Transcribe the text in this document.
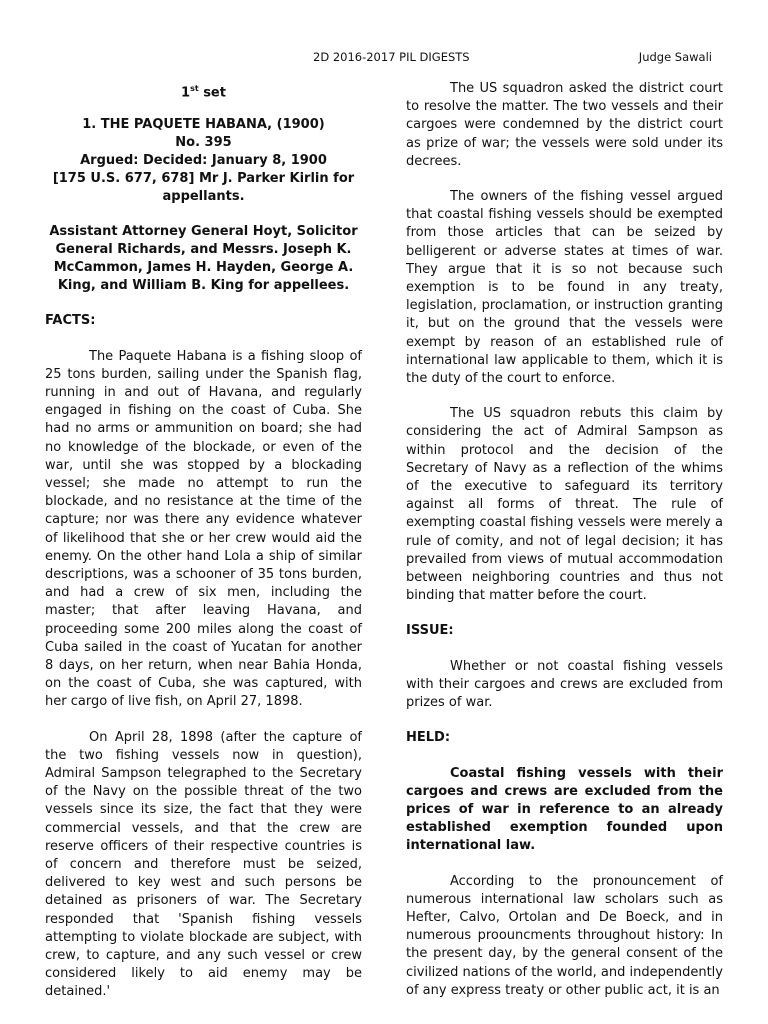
2D 2016-2017 PIL DIGESTS	Judge Sawali
1st set
1. THE PAQUETE HABANA, (1900)
No. 395
Argued: Decided: January 8, 1900
[175 U.S. 677, 678] Mr J. Parker Kirlin for
appellants.
Assistant Attorney General Hoyt, Solicitor General Richards, and Messrs. Joseph K. McCammon, James H. Hayden, George A. King, and William B. King for appellees.
FACTS:

The Paquete Habana is a fishing sloop of 25 tons burden, sailing under the Spanish flag, running in and out of Havana, and regularly engaged in fishing on the coast of Cuba. She had no arms or ammunition on board; she had no knowledge of the blockade, or even of the war, until she was stopped by a blockading vessel; she made no attempt to run the blockade, and no resistance at the time of the capture; nor was there any evidence whatever of likelihood that she or her crew would aid the enemy. On the other hand Lola a ship of similar descriptions, was a schooner of 35 tons burden, and had a crew of six men, including the master; that after leaving Havana, and proceeding some 200 miles along the coast of Cuba sailed in the coast of Yucatan for another 8 days, on her return, when near Bahia Honda, on the coast of Cuba, she was captured, with her cargo of live fish, on April 27, 1898.

On April 28, 1898 (after the capture of the two fishing vessels now in question), Admiral Sampson telegraphed to the Secretary of the Navy on the possible threat of the two vessels since its size, the fact that they were commercial vessels, and that the crew are reserve officers of their respective countries is of concern and therefore must be seized, delivered to key west and such persons be detained as prisoners of war. The Secretary responded that 'Spanish fishing vessels attempting to violate blockade are subject, with crew, to capture, and any such vessel or crew considered likely to aid enemy may be detained.'

The US squadron asked the district court to resolve the matter. The two vessels and their cargoes were condemned by the district court as prize of war; the vessels were sold under its decrees.

The owners of the fishing vessel argued that coastal fishing vessels should be exempted from those articles that can be seized by belligerent or adverse states at times of war. They argue that it is so not because such exemption is to be found in any treaty, legislation, proclamation, or instruction granting it, but on the ground that the vessels were exempt by reason of an established rule of international law applicable to them, which it is the duty of the court to enforce.

The US squadron rebuts this claim by considering the act of Admiral Sampson as within protocol and the decision of the Secretary of Navy as a reflection of the whims of the executive to safeguard its territory against all forms of threat. The rule of exempting coastal fishing vessels were merely a rule of comity, and not of legal decision; it has prevailed from views of mutual accommodation between neighboring countries and thus not binding that matter before the court.

ISSUE:

Whether or not coastal fishing vessels with their cargoes and crews are excluded from prizes of war.

HELD:

Coastal fishing vessels with their cargoes and crews are excluded from the prices of war in reference to an already established exemption founded upon international law.

According to the pronouncement of numerous international law scholars such as Hefter, Calvo, Ortolan and De Boeck, and in numerous proouncments throughout history: In the present day, by the general consent of the civilized nations of the world, and independently of any express treaty or other public act, it is an
